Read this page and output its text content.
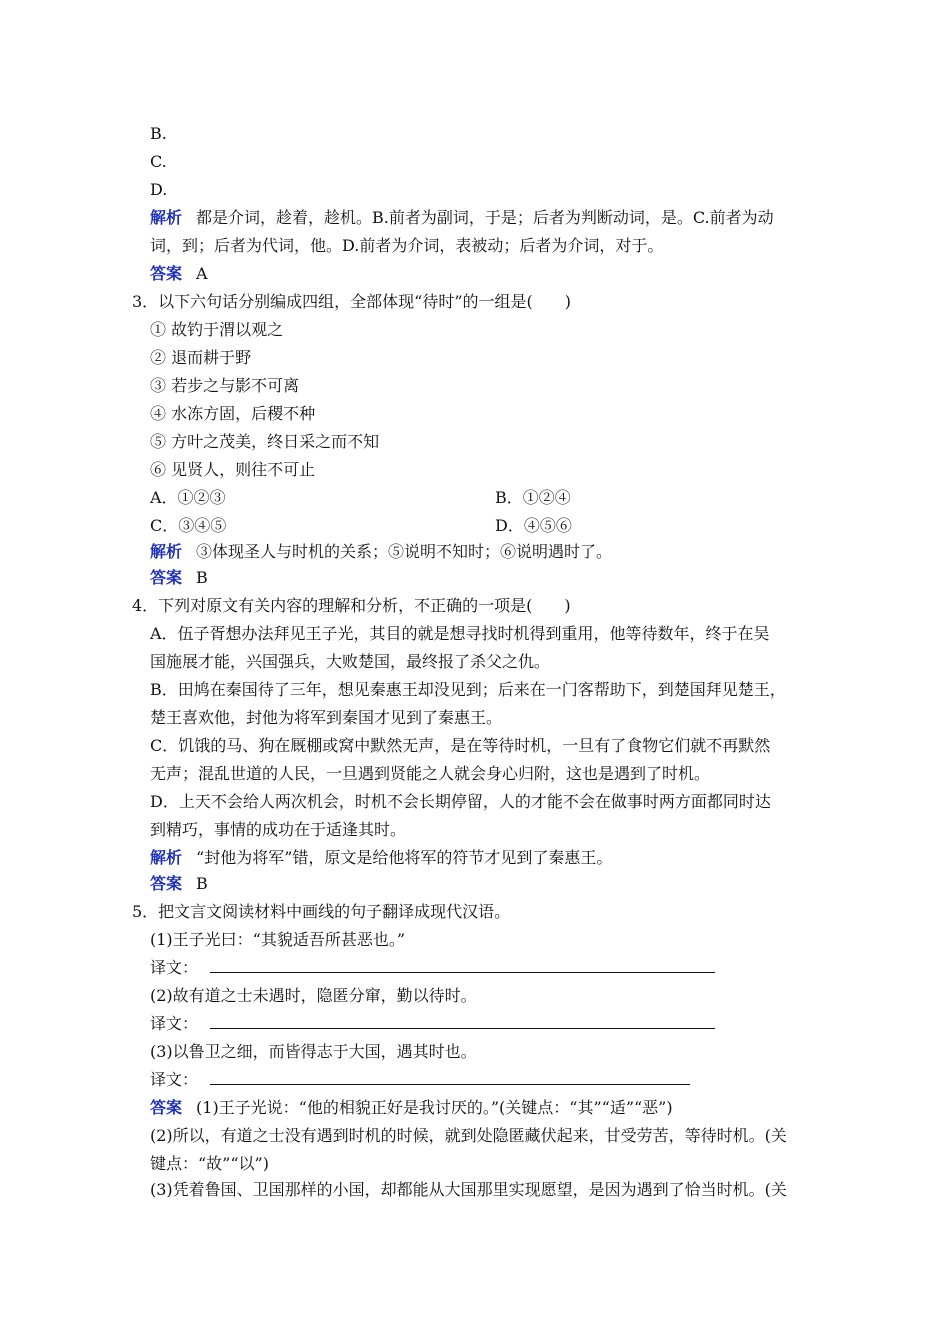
B.
C.
D.
解析 都是介词，趁着，趁机。B.前者为副词，于是；后者为判断动词，是。C.前者为动
词，到；后者为代词，他。D.前者为介词，表被动；后者为介词，对于。
答案 A
3．以下六句话分别编成四组，全部体现“待时”的一组是(　　)
① 故钓于渭以观之
② 退而耕于野
③ 若步之与影不可离
④ 水冻方固，后稷不种
⑤ 方叶之茂美，终日采之而不知
⑥ 见贤人，则往不可止
A．①②③	B．①②④
C．③④⑤	D．④⑤⑥
解析 ③体现圣人与时机的关系；⑤说明不知时；⑥说明遇时了。
答案 B
4．下列对原文有关内容的理解和分析，不正确的一项是(　　)
A．伍子胥想办法拜见王子光，其目的就是想寻找时机得到重用，他等待数年，终于在吴
国施展才能，兴国强兵，大败楚国，最终报了杀父之仇。
B．田鸠在秦国待了三年，想见秦惠王却没见到；后来在一门客帮助下，到楚国拜见楚王，
楚王喜欢他，封他为将军到秦国才见到了秦惠王。
C．饥饿的马、狗在厩棚或窝中默然无声，是在等待时机，一旦有了食物它们就不再默然
无声；混乱世道的人民，一旦遇到贤能之人就会身心归附，这也是遇到了时机。
D．上天不会给人两次机会，时机不会长期停留，人的才能不会在做事时两方面都同时达
到精巧，事情的成功在于适逢其时。
解析 “封他为将军”错，原文是给他将军的符节才见到了秦惠王。
答案 B
5．把文言文阅读材料中画线的句子翻译成现代汉语。
(1)王子光曰：“其貌适吾所甚恶也。”
译文：
(2)故有道之士未遇时，隐匿分窜，勤以待时。
译文：
(3)以鲁卫之细，而皆得志于大国，遇其时也。
译文：
答案 (1)王子光说：“他的相貌正好是我讨厌的。”(关键点：“其”“适”“恶”)
(2)所以，有道之士没有遇到时机的时候，就到处隐匿藏伏起来，甘受劳苦，等待时机。(关
键点：“故”“以”)
(3)凭着鲁国、卫国那样的小国，却都能从大国那里实现愿望，是因为遇到了恰当时机。(关
